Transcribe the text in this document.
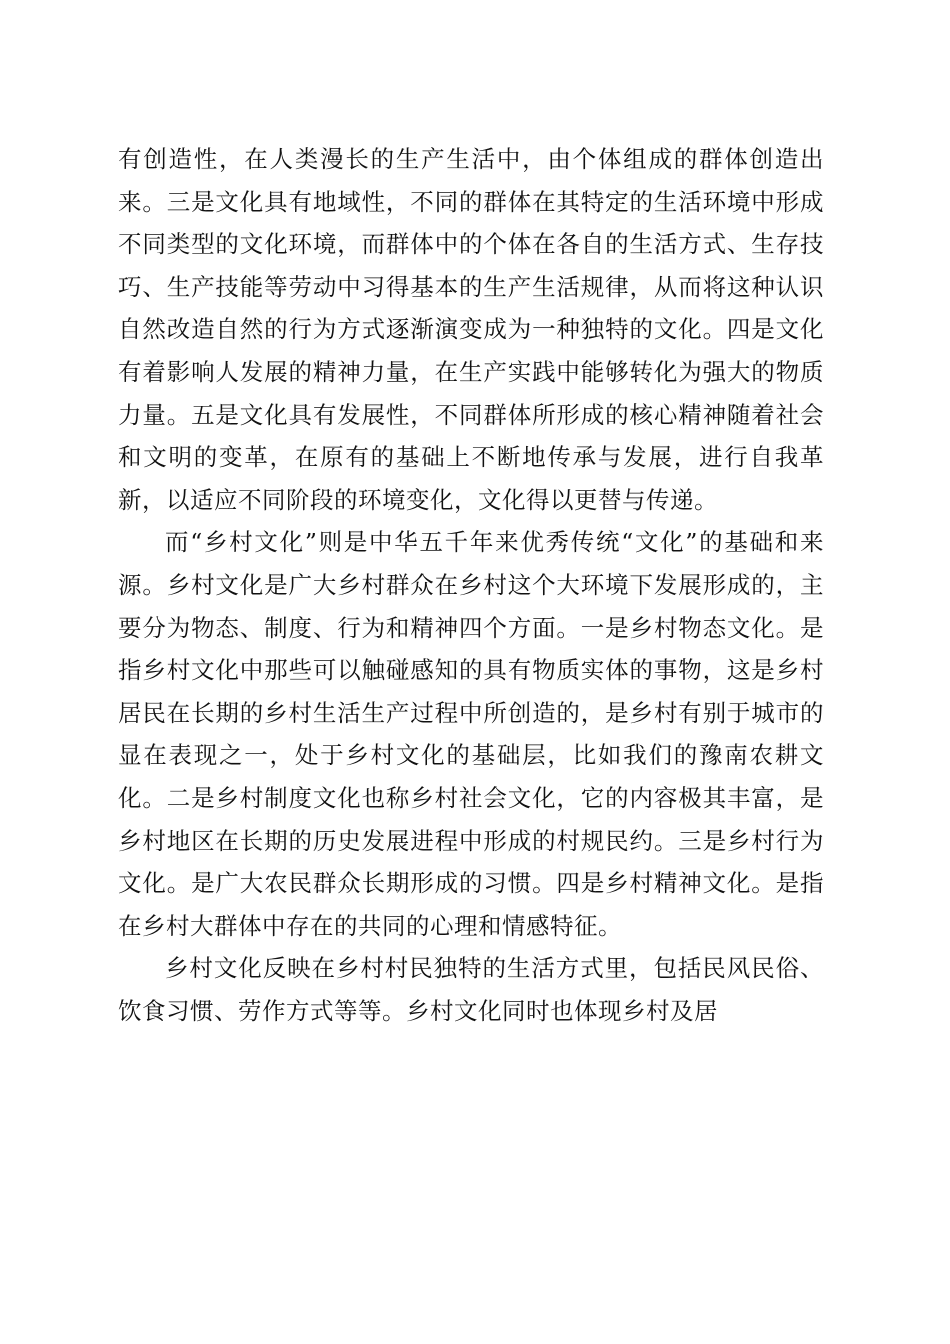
有创造性，在人类漫长的生产生活中，由个体组成的群体创造出来。三是文化具有地域性，不同的群体在其特定的生活环境中形成不同类型的文化环境，而群体中的个体在各自的生活方式、生存技巧、生产技能等劳动中习得基本的生产生活规律，从而将这种认识自然改造自然的行为方式逐渐演变成为一种独特的文化。四是文化有着影响人发展的精神力量，在生产实践中能够转化为强大的物质力量。五是文化具有发展性，不同群体所形成的核心精神随着社会和文明的变革，在原有的基础上不断地传承与发展，进行自我革新，以适应不同阶段的环境变化，文化得以更替与传递。

而“乡村文化”则是中华五千年来优秀传统“文化”的基础和来源。乡村文化是广大乡村群众在乡村这个大环境下发展形成的，主要分为物态、制度、行为和精神四个方面。一是乡村物态文化。是指乡村文化中那些可以触碰感知的具有物质实体的事物，这是乡村居民在长期的乡村生活生产过程中所创造的，是乡村有别于城市的显在表现之一，处于乡村文化的基础层，比如我们的豫南农耕文化。二是乡村制度文化也称乡村社会文化，它的内容极其丰富，是乡村地区在长期的历史发展进程中形成的村规民约。三是乡村行为文化。是广大农民群众长期形成的习惯。四是乡村精神文化。是指在乡村大群体中存在的共同的心理和情感特征。

乡村文化反映在乡村村民独特的生活方式里，包括民风民俗、饮食习惯、劳作方式等等。乡村文化同时也体现乡村及居
